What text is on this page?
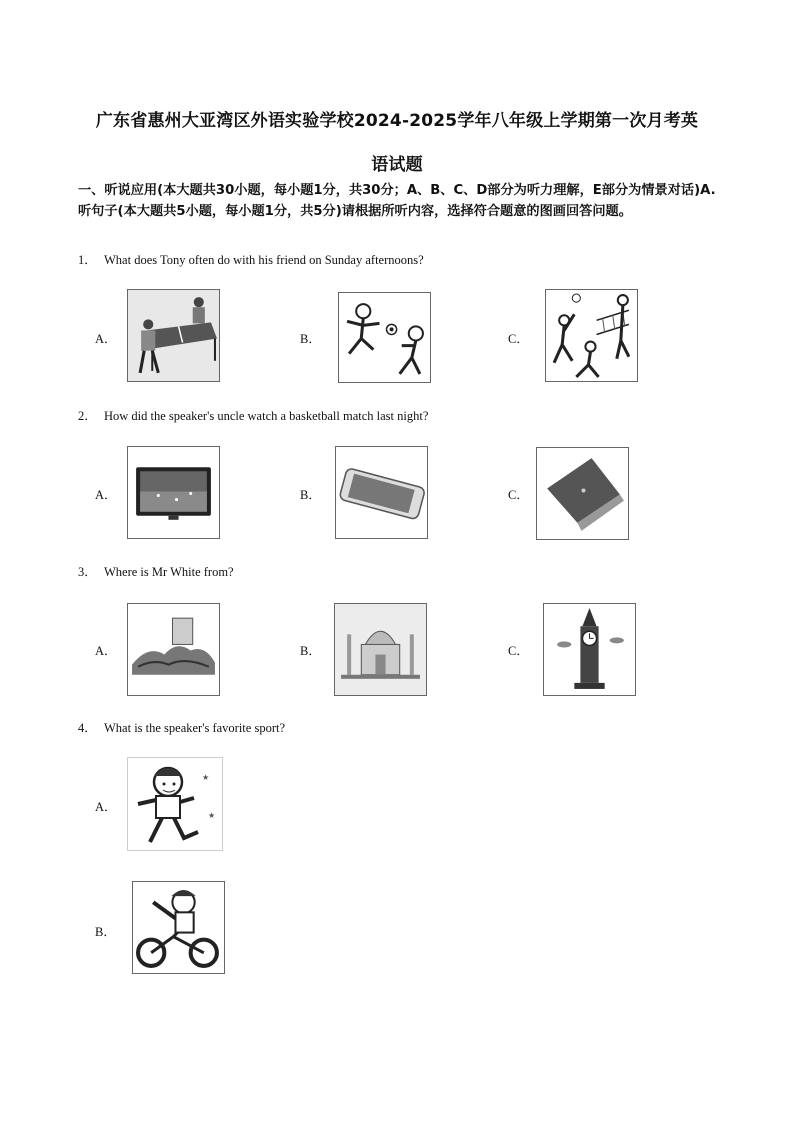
广东省惠州大亚湾区外语实验学校2024-2025学年八年级上学期第一次月考英
语试题
一、听说应用(本大题共30小题，每小题1分，共30分；A、B、C、D部分为听力理解，E部分为情景对话)A. 听句子(本大题共5小题，每小题1分，共5分)请根据所听内容，选择符合题意的图画回答问题。
1． What does Tony often do with his friend on Sunday afternoons?
A．	B．	C．
2． How did the speaker's uncle watch a basketball match last night?
A．	B．	C．
3． Where is Mr White from?
A．	B．	C．
4． What is the speaker's favorite sport?
A．
★
★
B．
